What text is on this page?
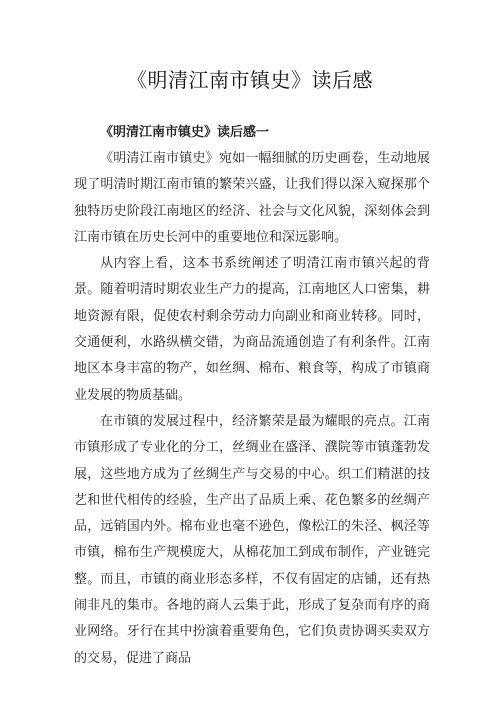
《明清江南市镇史》读后感
《明清江南市镇史》读后感一

《明清江南市镇史》宛如一幅细腻的历史画卷，生动地展现了明清时期江南市镇的繁荣兴盛，让我们得以深入窥探那个独特历史阶段江南地区的经济、社会与文化风貌，深刻体会到江南市镇在历史长河中的重要地位和深远影响。

从内容上看，这本书系统阐述了明清江南市镇兴起的背景。随着明清时期农业生产力的提高，江南地区人口密集，耕地资源有限，促使农村剩余劳动力向副业和商业转移。同时，交通便利，水路纵横交错，为商品流通创造了有利条件。江南地区本身丰富的物产，如丝绸、棉布、粮食等，构成了市镇商业发展的物质基础。

在市镇的发展过程中，经济繁荣是最为耀眼的亮点。江南市镇形成了专业化的分工，丝绸业在盛泽、濮院等市镇蓬勃发展，这些地方成为了丝绸生产与交易的中心。织工们精湛的技艺和世代相传的经验，生产出了品质上乘、花色繁多的丝绸产品，远销国内外。棉布业也毫不逊色，像松江的朱泾、枫泾等市镇，棉布生产规模庞大，从棉花加工到成布制作，产业链完整。而且，市镇的商业形态多样，不仅有固定的店铺，还有热闹非凡的集市。各地的商人云集于此，形成了复杂而有序的商业网络。牙行在其中扮演着重要角色，它们负责协调买卖双方的交易，促进了商品
